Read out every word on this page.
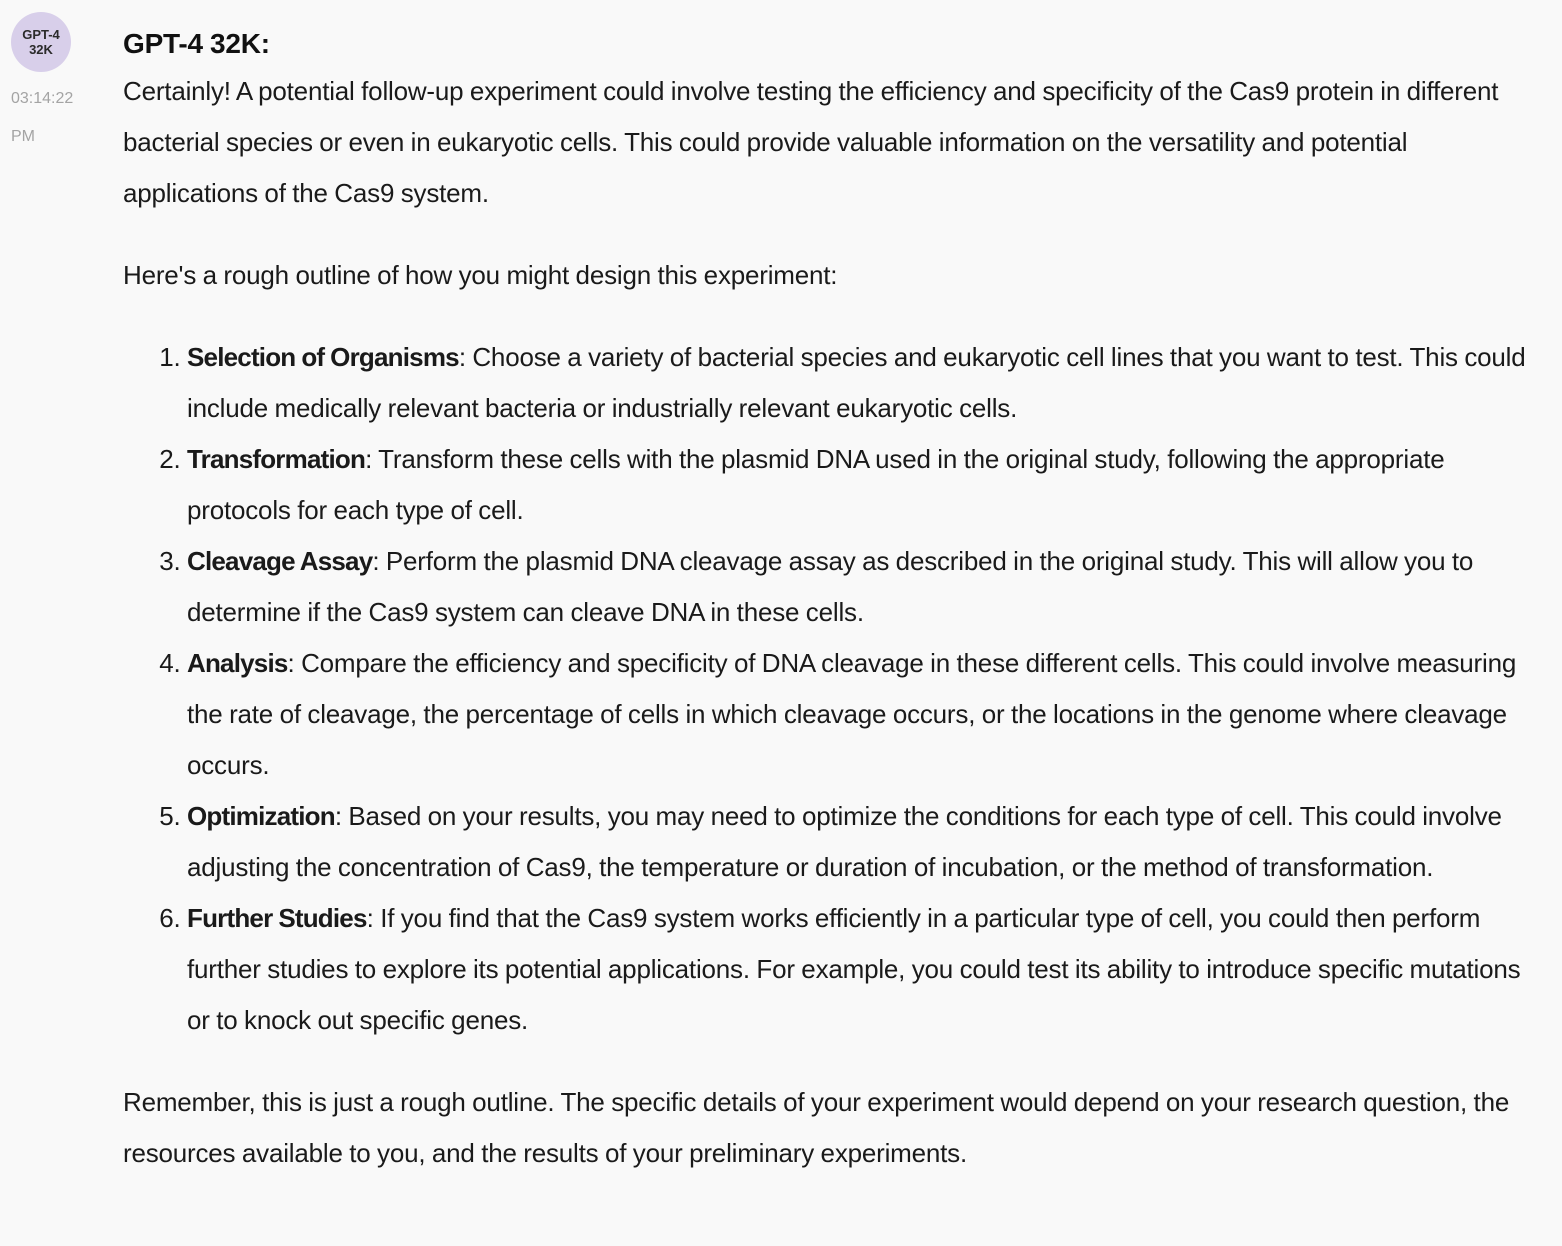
GPT-4
32K
03:14:22 PM

GPT-4 32K:

Certainly! A potential follow-up experiment could involve testing the efficiency and specificity of the Cas9 protein in different bacterial species or even in eukaryotic cells. This could provide valuable information on the versatility and potential applications of the Cas9 system.

Here's a rough outline of how you might design this experiment:

1. Selection of Organisms: Choose a variety of bacterial species and eukaryotic cell lines that you want to test. This could include medically relevant bacteria or industrially relevant eukaryotic cells.
2. Transformation: Transform these cells with the plasmid DNA used in the original study, following the appropriate protocols for each type of cell.
3. Cleavage Assay: Perform the plasmid DNA cleavage assay as described in the original study. This will allow you to determine if the Cas9 system can cleave DNA in these cells.
4. Analysis: Compare the efficiency and specificity of DNA cleavage in these different cells. This could involve measuring the rate of cleavage, the percentage of cells in which cleavage occurs, or the locations in the genome where cleavage occurs.
5. Optimization: Based on your results, you may need to optimize the conditions for each type of cell. This could involve adjusting the concentration of Cas9, the temperature or duration of incubation, or the method of transformation.
6. Further Studies: If you find that the Cas9 system works efficiently in a particular type of cell, you could then perform further studies to explore its potential applications. For example, you could test its ability to introduce specific mutations or to knock out specific genes.

Remember, this is just a rough outline. The specific details of your experiment would depend on your research question, the resources available to you, and the results of your preliminary experiments.
